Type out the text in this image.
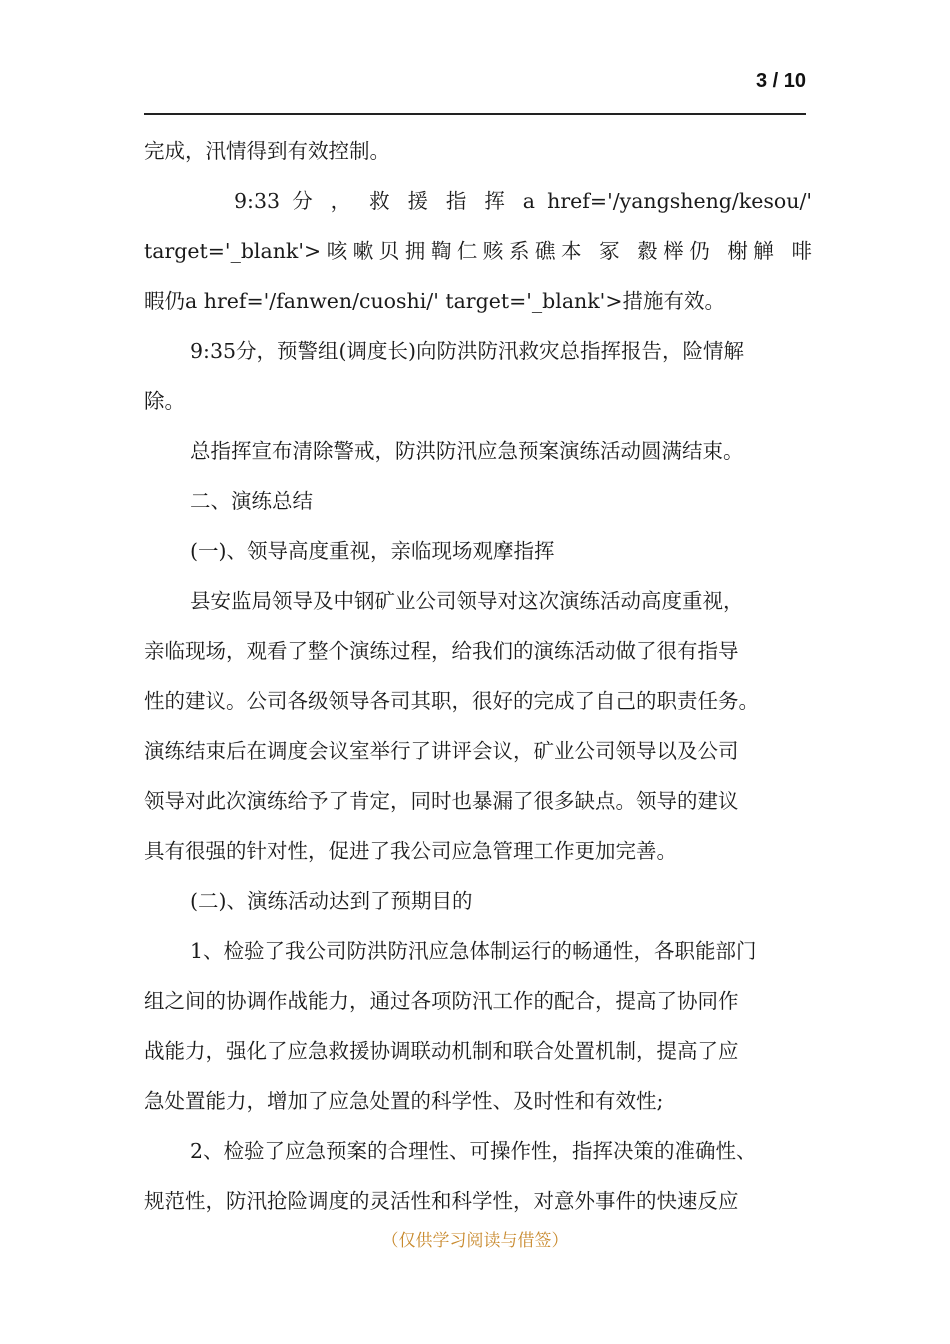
3 / 10
完成，汛情得到有效控制。
9:33 分 ， 救 援 指 挥 a href='/yangsheng/kesou/'
target='_blank'>咳嗽贝拥鞫仁赅系礁本 冢 縠榉仍 榭觯 啡
暇仍a href='/fanwen/cuoshi/' target='_blank'>措施有效。
9:35分，预警组(调度长)向防洪防汛救灾总指挥报告，险情解
除。
总指挥宣布清除警戒，防洪防汛应急预案演练活动圆满结束。
二、演练总结
(一)、领导高度重视，亲临现场观摩指挥
县安监局领导及中钢矿业公司领导对这次演练活动高度重视，
亲临现场，观看了整个演练过程，给我们的演练活动做了很有指导
性的建议。公司各级领导各司其职，很好的完成了自己的职责任务。
演练结束后在调度会议室举行了讲评会议，矿业公司领导以及公司
领导对此次演练给予了肯定，同时也暴漏了很多缺点。领导的建议
具有很强的针对性，促进了我公司应急管理工作更加完善。
(二)、演练活动达到了预期目的
1、检验了我公司防洪防汛应急体制运行的畅通性，各职能部门
组之间的协调作战能力，通过各项防汛工作的配合，提高了协同作
战能力，强化了应急救援协调联动机制和联合处置机制，提高了应
急处置能力，增加了应急处置的科学性、及时性和有效性;
2、检验了应急预案的合理性、可操作性，指挥决策的准确性、
规范性，防汛抢险调度的灵活性和科学性，对意外事件的快速反应
（仅供学习阅读与借签）
